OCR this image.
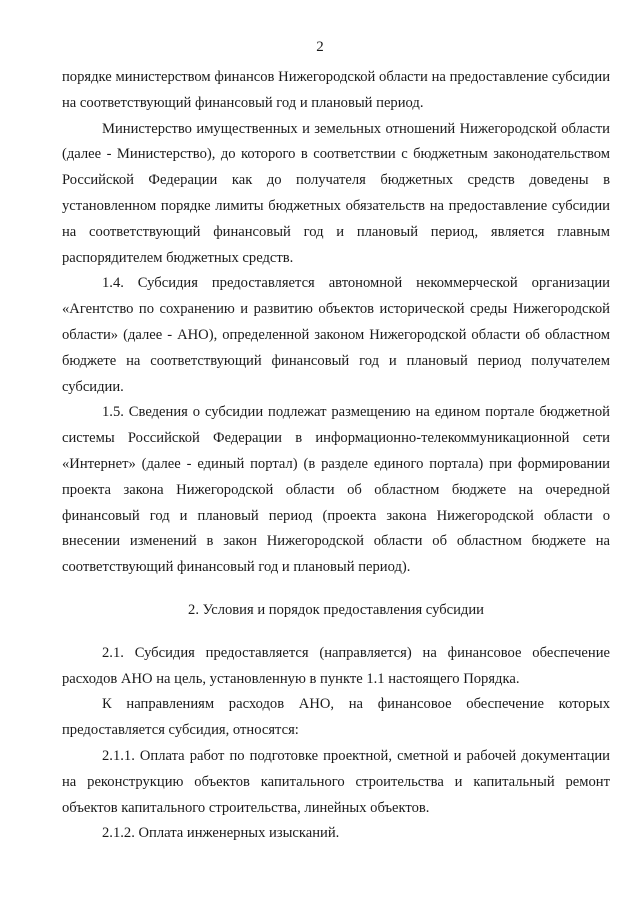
2

порядке министерством финансов Нижегородской области на предоставление субсидии на соответствующий финансовый год и плановый период.

Министерство имущественных и земельных отношений Нижегородской области (далее - Министерство), до которого в соответствии с бюджетным законодательством Российской Федерации как до получателя бюджетных средств доведены в установленном порядке лимиты бюджетных обязательств на предоставление субсидии на соответствующий финансовый год и плановый период, является главным распорядителем бюджетных средств.

1.4. Субсидия предоставляется автономной некоммерческой организации «Агентство по сохранению и развитию объектов исторической среды Нижегородской области» (далее - АНО), определенной законом Нижегородской области об областном бюджете на соответствующий финансовый год и плановый период получателем субсидии.

1.5. Сведения о субсидии подлежат размещению на едином портале бюджетной системы Российской Федерации в информационно-телекоммуникационной сети «Интернет» (далее - единый портал) (в разделе единого портала) при формировании проекта закона Нижегородской области об областном бюджете на очередной финансовый год и плановый период (проекта закона Нижегородской области о внесении изменений в закон Нижегородской области об областном бюджете на соответствующий финансовый год и плановый период).

2. Условия и порядок предоставления субсидии

2.1. Субсидия предоставляется (направляется) на финансовое обеспечение расходов АНО на цель, установленную в пункте 1.1 настоящего Порядка.

К направлениям расходов АНО, на финансовое обеспечение которых предоставляется субсидия, относятся:

2.1.1. Оплата работ по подготовке проектной, сметной и рабочей документации на реконструкцию объектов капитального строительства и капитальный ремонт объектов капитального строительства, линейных объектов.

2.1.2. Оплата инженерных изысканий.
